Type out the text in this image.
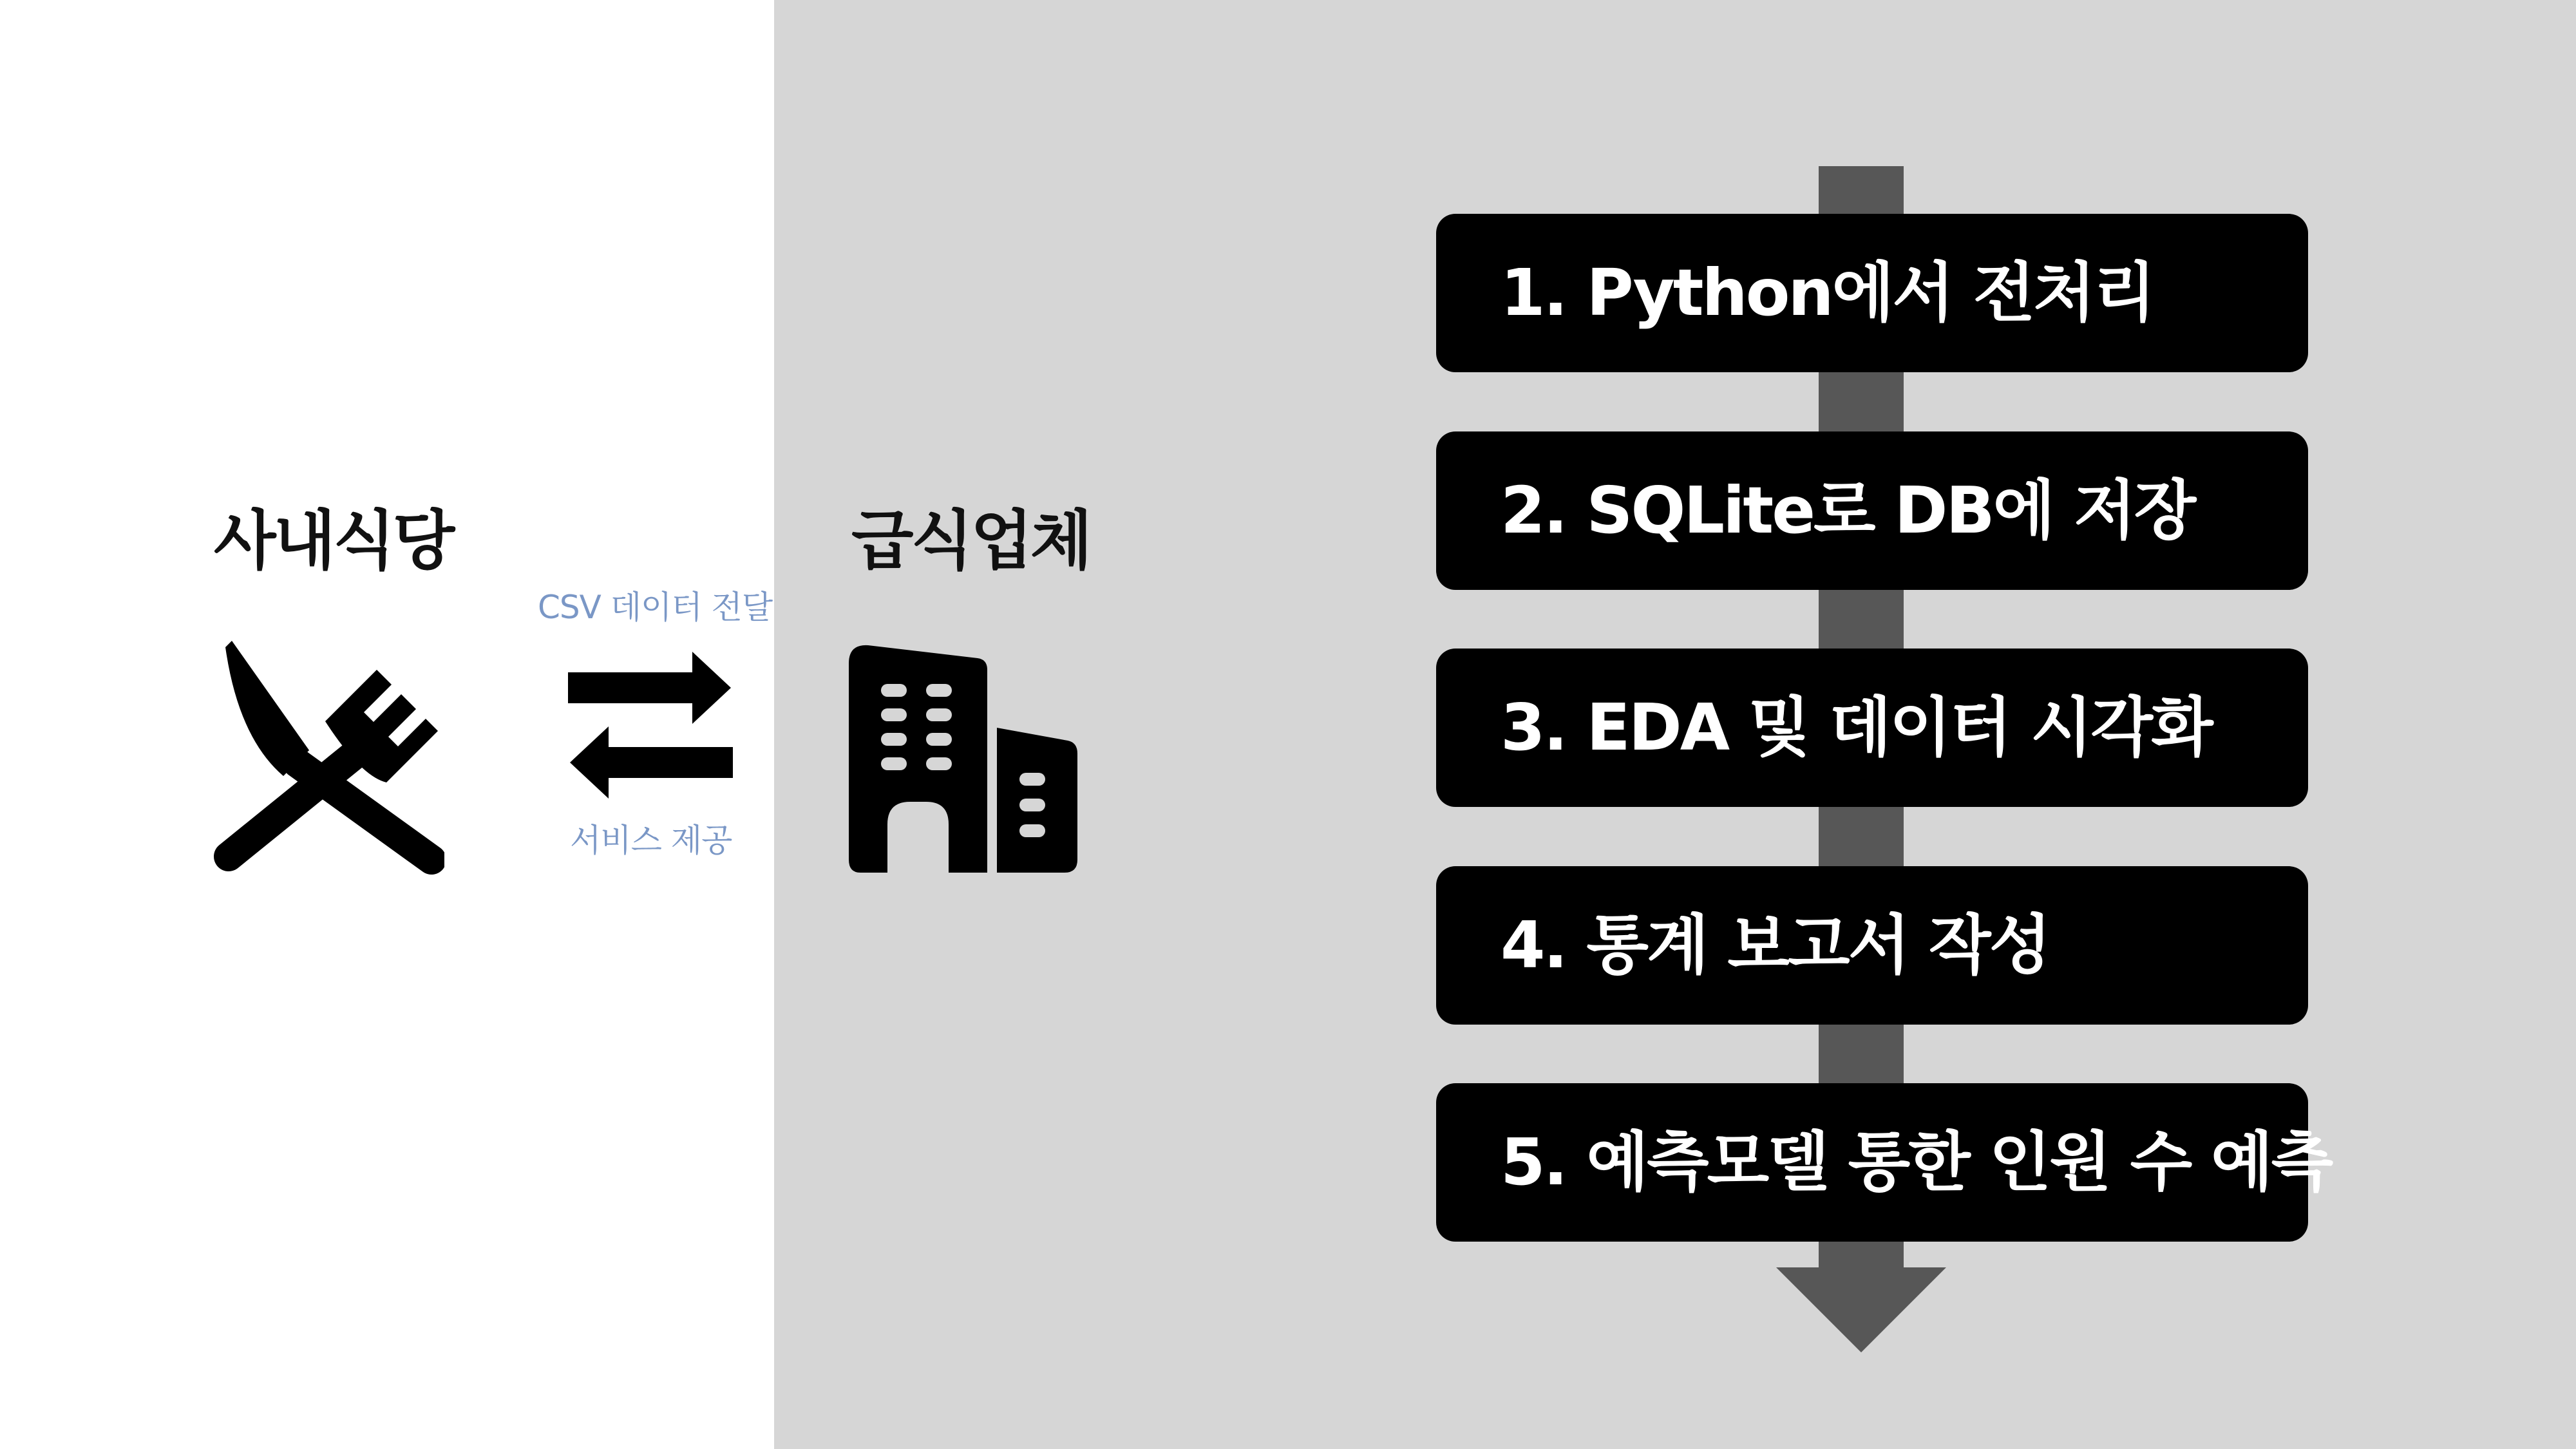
사내식당
CSV 데이터 전달
서비스 제공
급식업체
1. Python에서 전처리
2. SQLite로 DB에 저장
3. EDA 및 데이터 시각화
4. 통계 보고서 작성
5. 예측모델 통한 인원 수 예측
